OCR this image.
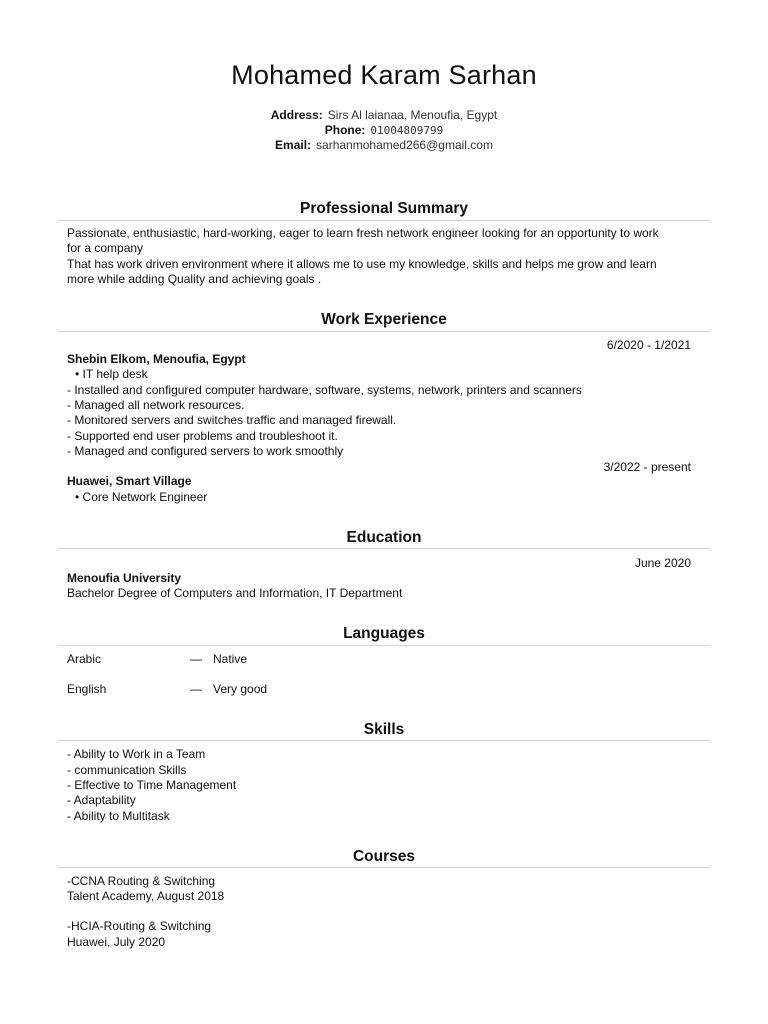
Mohamed Karam Sarhan
Address: Sirs Al laianaa, Menoufia, Egypt
Phone: 01004809799
Email: sarhanmohamed266@gmail.com
Professional Summary
Passionate, enthusiastic, hard-working, eager to learn fresh network engineer looking for an opportunity to work
for a company
That has work driven environment where it allows me to use my knowledge, skills and helps me grow and learn
more while adding Quality and achieving goals .
Work Experience
6/2020 - 1/2021
Shebin Elkom, Menoufia, Egypt
• IT help desk
- Installed and configured computer hardware, software, systems, network, printers and scanners
- Managed all network resources.
- Monitored servers and switches traffic and managed firewall.
- Supported end user problems and troubleshoot it.
- Managed and configured servers to work smoothly
3/2022 - present
Huawei, Smart Village
• Core Network Engineer
Education
June 2020
Menoufia University
Bachelor Degree of Computers and Information, IT Department
Languages
Arabic	— Native
English	— Very good
Skills
- Ability to Work in a Team
- communication Skills
- Effective to Time Management
- Adaptability
- Ability to Multitask
Courses
-CCNA Routing & Switching
Talent Academy, August 2018
-HCIA-Routing & Switching
Huawei, July 2020
